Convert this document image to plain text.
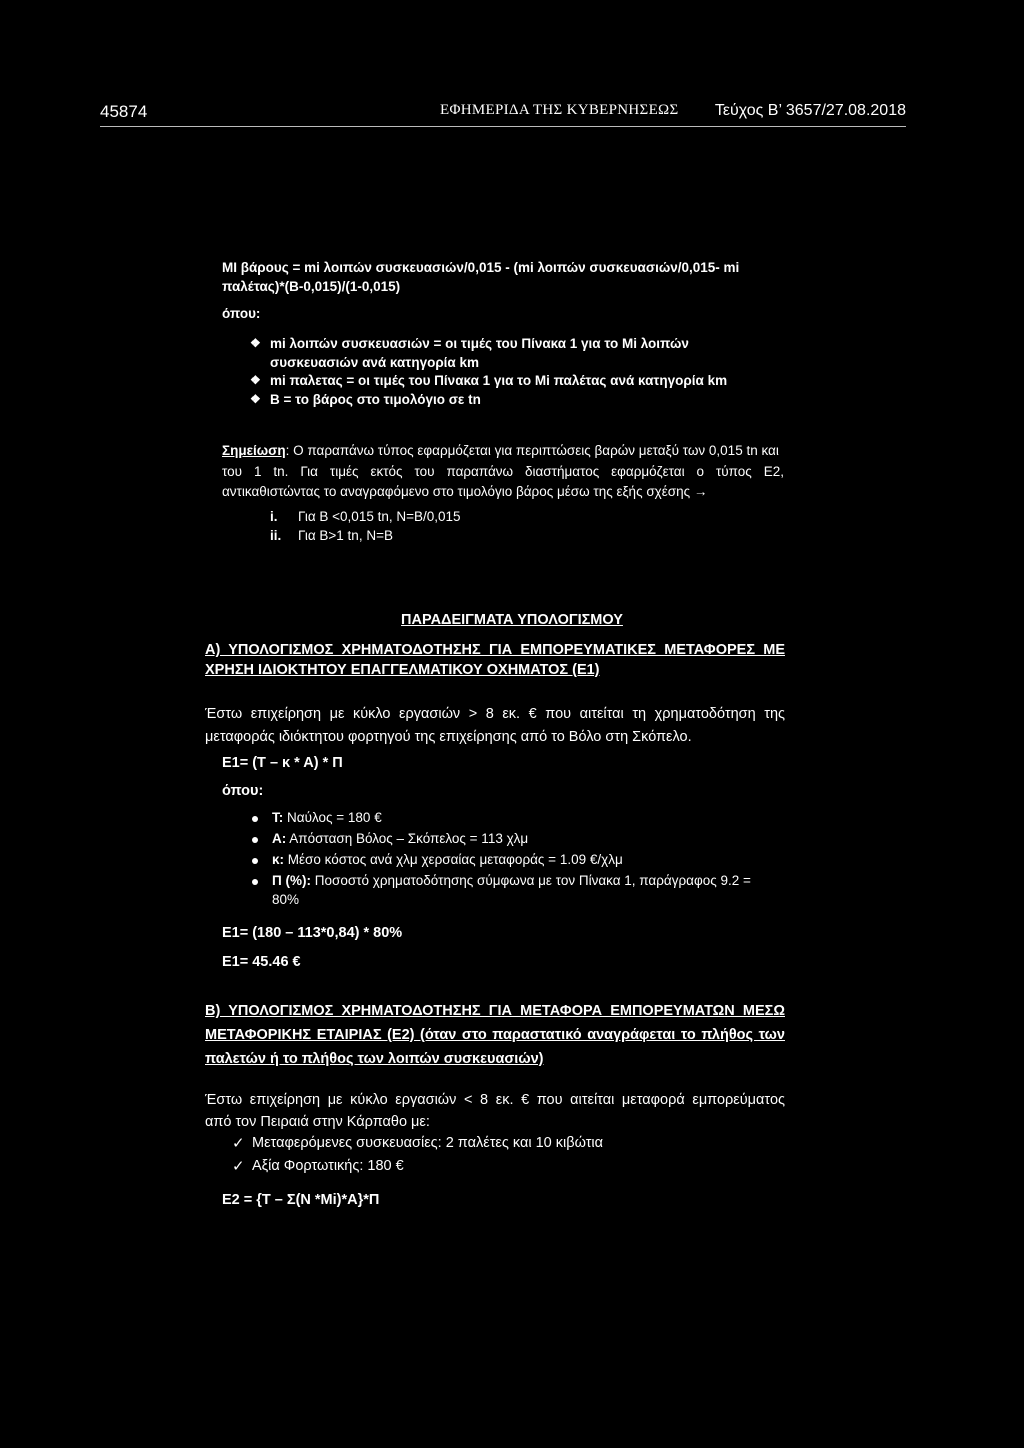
45874	ΕΦΗΜΕΡΙΔΑ ΤΗΣ ΚΥΒΕΡΝΗΣΕΩΣ Τεύχος Β’ 3657/27.08.2018
MI βάρους = mi λοιπών συσκευασιών/0,015 - (mi λοιπών συσκευασιών/0,015- mi
παλέτας)*(B-0,015)/(1-0,015)
όπου:
❖ mi λοιπών συσκευασιών = οι τιμές του Πίνακα 1 για το Mi λοιπών
συσκευασιών ανά κατηγορία km
❖ mi παλετας = οι τιμές του Πίνακα 1 για το Mi παλέτας ανά κατηγορία km
❖ B = το βάρος στο τιμολόγιο σε tn
Σημείωση: Ο παραπάνω τύπος εφαρμόζεται για περιπτώσεις βαρών μεταξύ των 0,015 tn και
του 1 tn. Για τιμές εκτός του παραπάνω διαστήματος εφαρμόζεται ο τύπος Ε2,
αντικαθιστώντας το αναγραφόμενο στο τιμολόγιο βάρος μέσω της εξής σχέσης →
i.	Για Β <0,015 tn, Ν=Β/0,015
ii.	Για Β>1 tn, Ν=Β
ΠΑΡΑΔΕΙΓΜΑΤΑ ΥΠΟΛΟΓΙΣΜΟΥ
Α) ΥΠΟΛΟΓΙΣΜΟΣ ΧΡΗΜΑΤΟΔΟΤΗΣΗΣ ΓΙΑ ΕΜΠΟΡΕΥΜΑΤΙΚΕΣ ΜΕΤΑΦΟΡΕΣ ΜΕ
ΧΡΗΣΗ ΙΔΙΟΚΤΗΤΟΥ ΕΠΑΓΓΕΛΜΑΤΙΚΟΥ ΟΧΗΜΑΤΟΣ (Ε1)
Έστω επιχείρηση με κύκλο εργασιών > 8 εκ. € που αιτείται τη χρηματοδότηση της
μεταφοράς ιδιόκτητου φορτηγού της επιχείρησης από το Βόλο στη Σκόπελο.
Ε1= (Τ – κ * Α) * Π
όπου:
Τ: Ναύλος = 180 €
Α: Απόσταση Βόλος – Σκόπελος = 113 χλμ
κ: Μέσο κόστος ανά χλμ χερσαίας μεταφοράς = 1.09 €/χλμ
Π (%): Ποσοστό χρηματοδότησης σύμφωνα με τον Πίνακα 1, παράγραφος 9.2 =
80%
Ε1= (180 – 113*0,84) * 80%
Ε1= 45.46 €
Β) ΥΠΟΛΟΓΙΣΜΟΣ ΧΡΗΜΑΤΟΔΟΤΗΣΗΣ ΓΙΑ ΜΕΤΑΦΟΡΑ ΕΜΠΟΡΕΥΜΑΤΩΝ ΜΕΣΩ
ΜΕΤΑΦΟΡΙΚΗΣ ΕΤΑΙΡΙΑΣ (Ε2) (όταν στο παραστατικό αναγράφεται το πλήθος των
παλετών ή το πλήθος των λοιπών συσκευασιών)
Έστω επιχείρηση με κύκλο εργασιών < 8 εκ. € που αιτείται μεταφορά εμπορεύματος
από τον Πειραιά στην Κάρπαθο με:
✓ Μεταφερόμενες συσκευασίες: 2 παλέτες και 10 κιβώτια
✓ Αξία Φορτωτικής: 180 €
Ε2 = {Τ – Σ(Ν *Mi)*Α}*Π
